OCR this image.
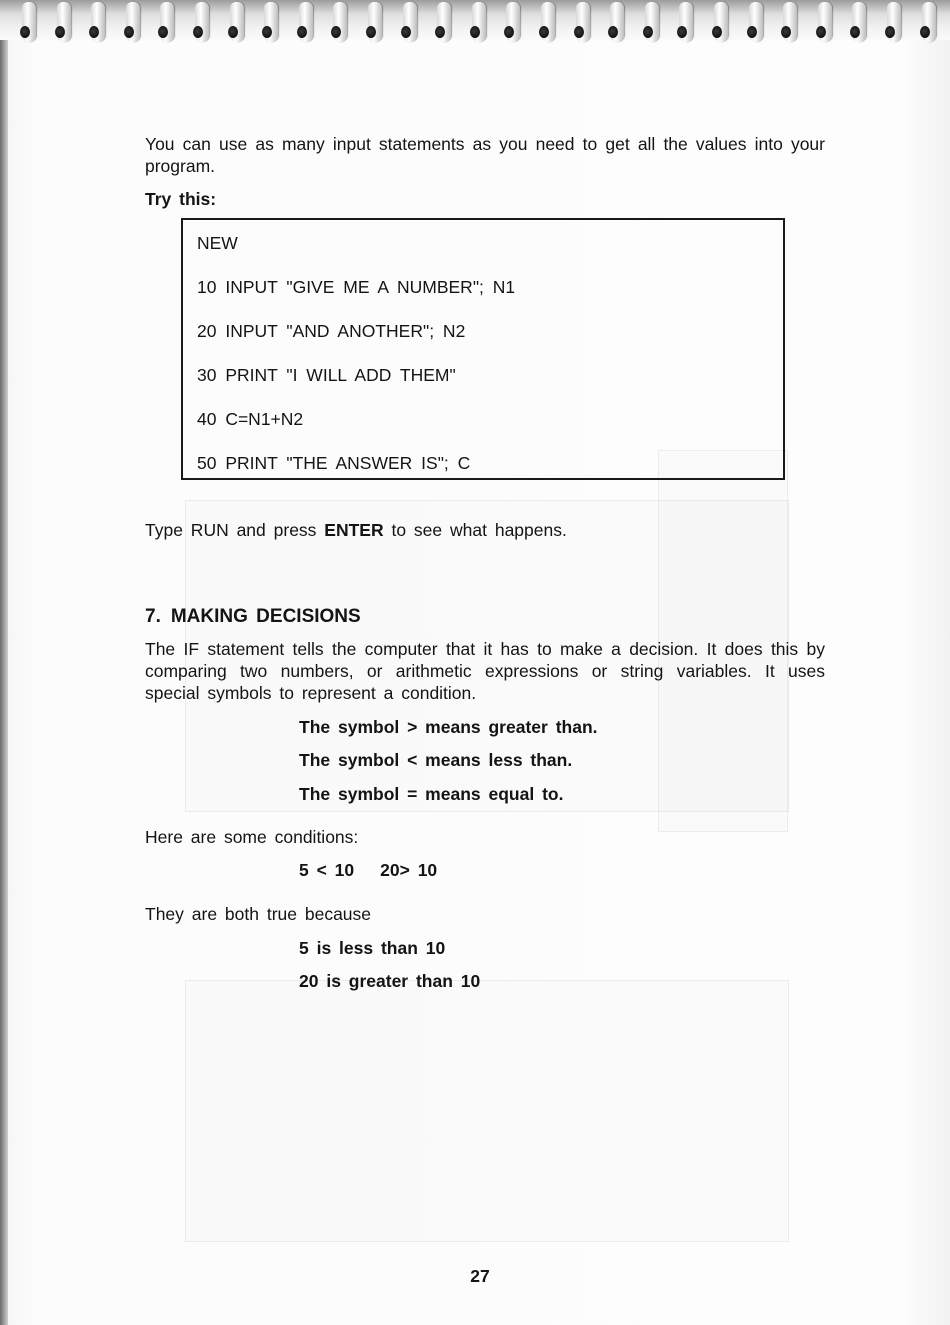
You can use as many input statements as you need to get all the values into your program.
Try this:
NEW
10 INPUT "GIVE ME A NUMBER"; N1
20 INPUT "AND ANOTHER"; N2
30 PRINT "I WILL ADD THEM"
40 C=N1+N2
50 PRINT "THE ANSWER IS"; C
Type RUN and press ENTER to see what happens.
7. MAKING DECISIONS
The IF statement tells the computer that it has to make a decision. It does this by comparing two numbers, or arithmetic expressions or string variables. It uses special symbols to represent a condition.
The symbol > means greater than.
The symbol < means less than.
The symbol = means equal to.
Here are some conditions:
5 < 10 20> 10
They are both true because
5 is less than 10
20 is greater than 10
27
